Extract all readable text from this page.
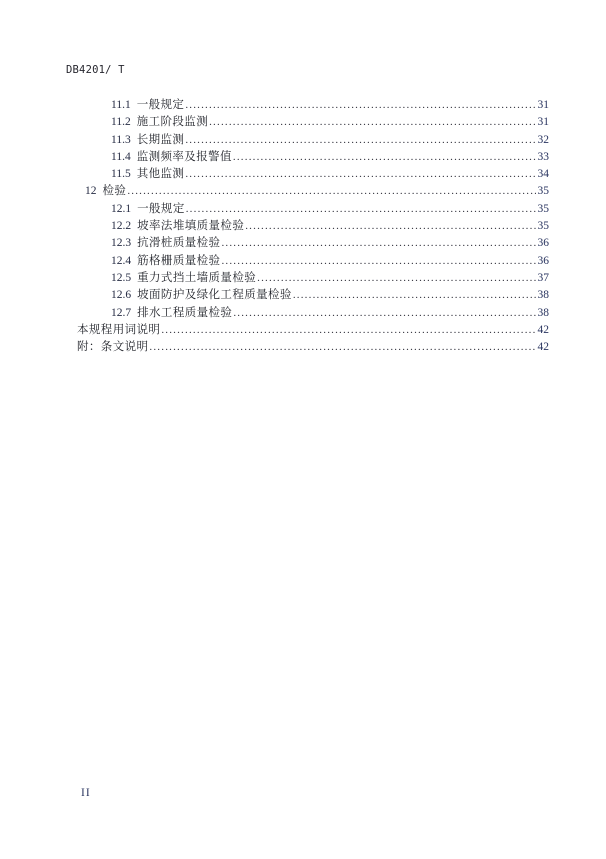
DB4201/ T
11.1 一般规定 .....	31
11.2 施工阶段监测 .....	31
11.3 长期监测 .....	32
11.4 监测频率及报警值 .....	33
11.5 其他监测 .....	34
12 检验 .....	35
12.1 一般规定 .....	35
12.2 坡率法堆填质量检验 .....	35
12.3 抗滑桩质量检验 .....	36
12.4 筋格栅质量检验 .....	36
12.5 重力式挡土墙质量检验 .....	37
12.6 坡面防护及绿化工程质量检验 .....	38
12.7 排水工程质量检验 .....	38
本规程用词说明 .....	42
附：条文说明 .....	42
II
